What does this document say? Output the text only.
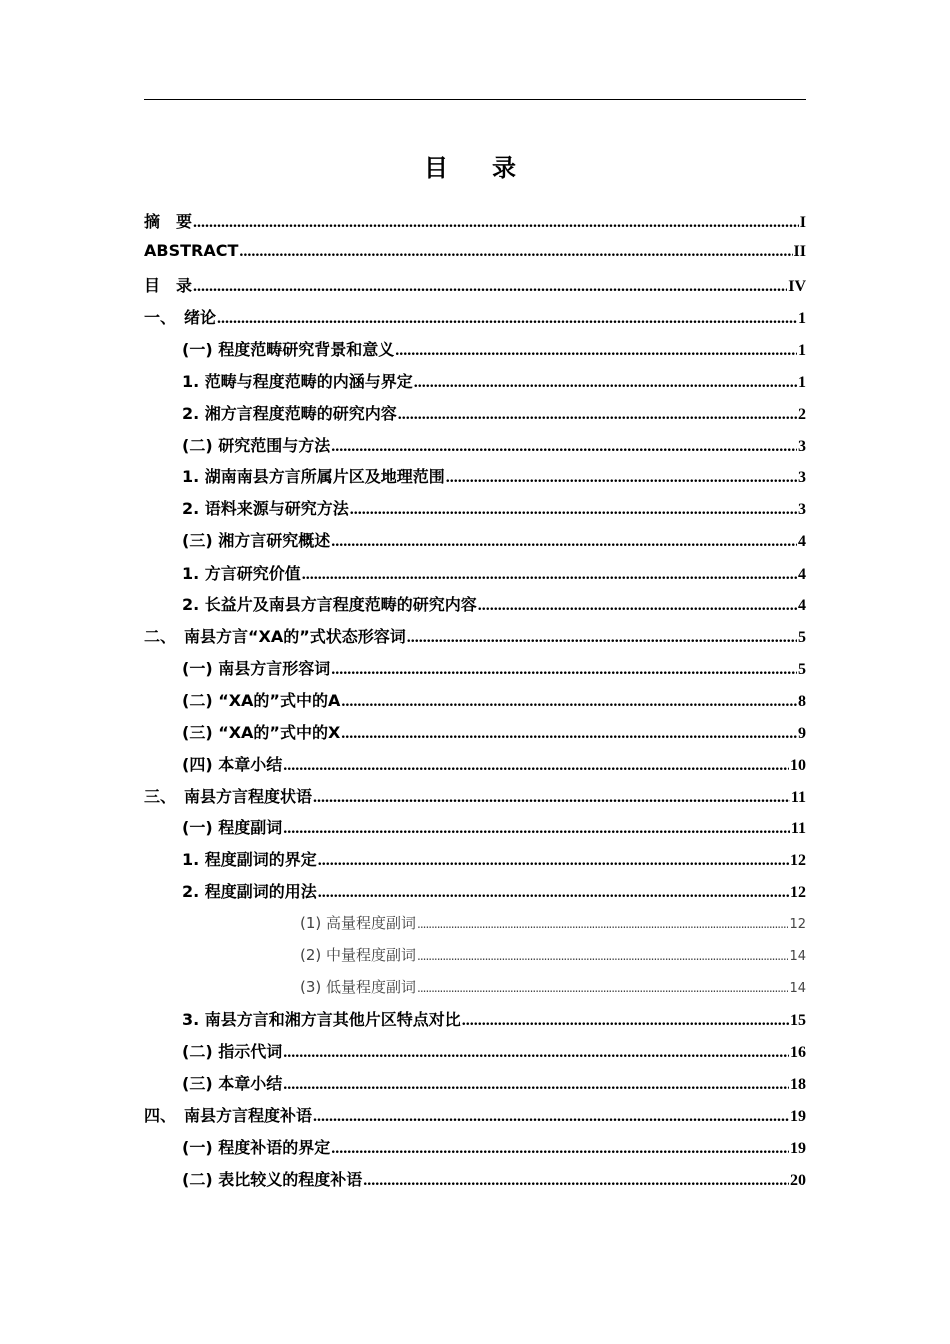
目　录
摘　要 .....	I
ABSTRACT .....	II
目　录 .....	IV
一、　绪论 .....	1
(一) 程度范畴研究背景和意义 .....	1
1. 范畴与程度范畴的内涵与界定 .....	1
2. 湘方言程度范畴的研究内容 .....	2
(二) 研究范围与方法 .....	3
1. 湖南南县方言所属片区及地理范围 .....	3
2. 语料来源与研究方法 .....	3
(三) 湘方言研究概述 .....	4
1. 方言研究价值 .....	4
2. 长益片及南县方言程度范畴的研究内容 .....	4
二、　南县方言“XA的”式状态形容词 .....	5
(一) 南县方言形容词 .....	5
(二) “XA的”式中的A .....	8
(三) “XA的”式中的X .....	9
(四) 本章小结 .....	10
三、　南县方言程度状语 .....	11
(一) 程度副词 .....	11
1. 程度副词的界定 .....	12
2. 程度副词的用法 .....	12
(1) 高量程度副词 .....	12
(2) 中量程度副词 .....	14
(3) 低量程度副词 .....	14
3. 南县方言和湘方言其他片区特点对比 .....	15
(二) 指示代词 .....	16
(三) 本章小结 .....	18
四、　南县方言程度补语 .....	19
(一) 程度补语的界定 .....	19
(二) 表比较义的程度补语 .....	20
